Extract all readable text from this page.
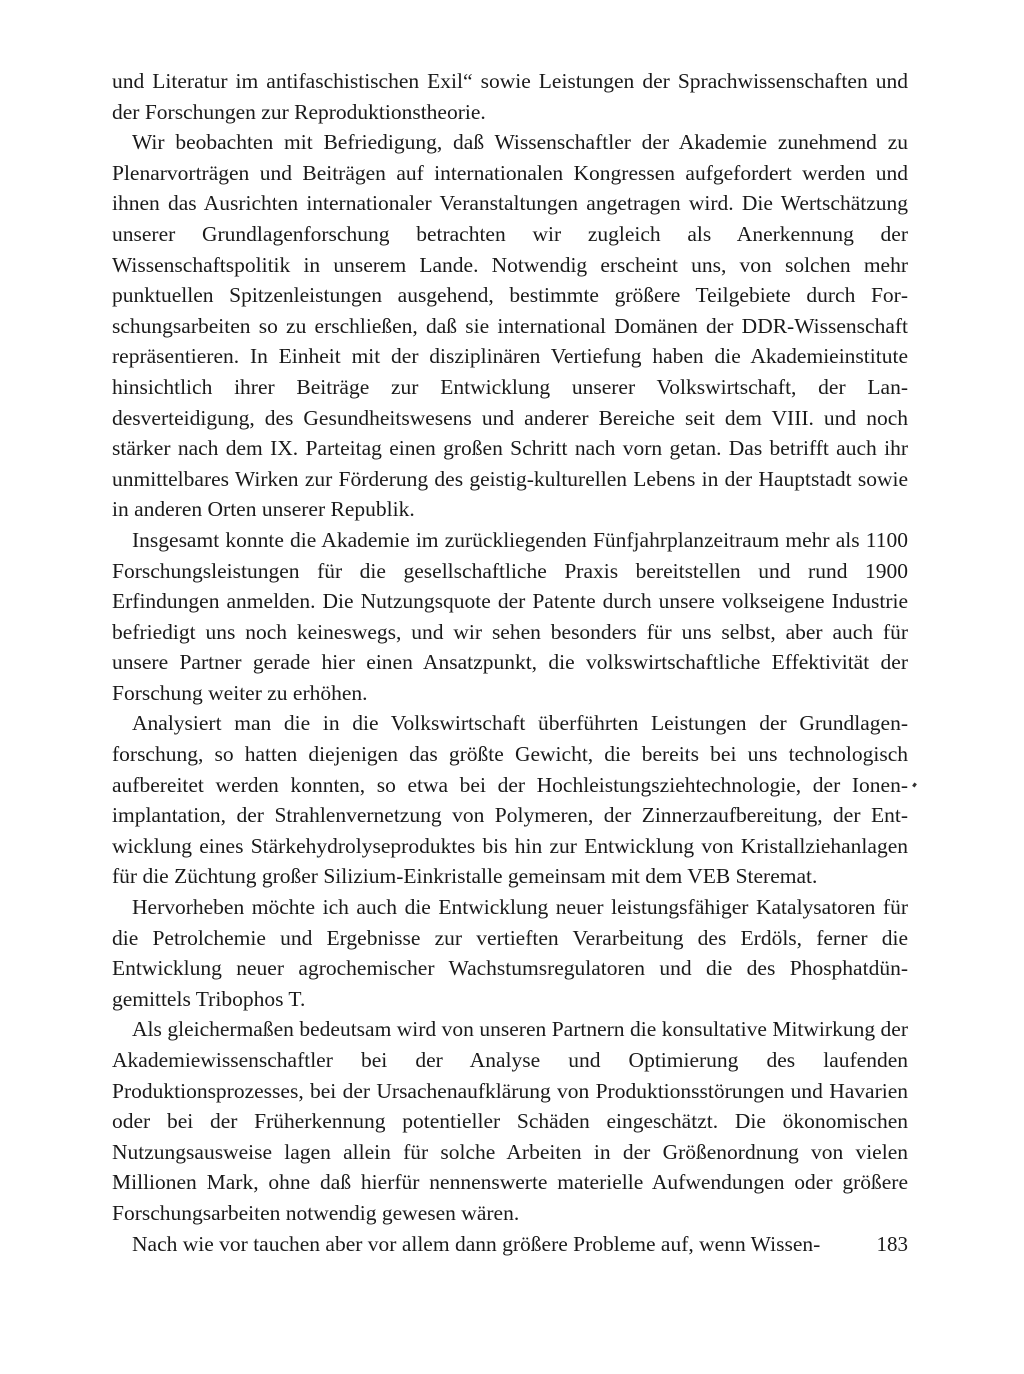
und Literatur im antifaschistischen Exil“ sowie Leistungen der Sprachwissenschaften und der Forschungen zur Reproduktionstheorie.

Wir beobachten mit Befriedigung, daß Wissenschaftler der Akademie zunehmend zu Plenarvorträgen und Beiträgen auf internationalen Kongressen aufgefordert werden und ihnen das Ausrichten internationaler Veranstaltungen angetragen wird. Die Wertschätzung unserer Grundlagenforschung betrachten wir zugleich als Anerkennung der Wissenschaftspolitik in unserem Lande. Notwendig erscheint uns, von solchen mehr punktuellen Spitzenleistungen ausgehend, bestimmte größere Teilgebiete durch Forschungsarbeiten so zu erschließen, daß sie international Domänen der DDR-Wissenschaft repräsentieren. In Einheit mit der disziplinären Vertiefung haben die Akademieinstitute hinsichtlich ihrer Beiträge zur Entwicklung unserer Volkswirtschaft, der Landesverteidigung, des Gesundheitswesens und anderer Bereiche seit dem VIII. und noch stärker nach dem IX. Parteitag einen großen Schritt nach vorn getan. Das betrifft auch ihr unmittelbares Wirken zur Förderung des geistig-kulturellen Lebens in der Hauptstadt sowie in anderen Orten unserer Republik.

Insgesamt konnte die Akademie im zurückliegenden Fünfjahrplanzeitraum mehr als 1100 Forschungsleistungen für die gesellschaftliche Praxis bereitstellen und rund 1900 Erfindungen anmelden. Die Nutzungsquote der Patente durch unsere volkseigene Industrie befriedigt uns noch keineswegs, und wir sehen besonders für uns selbst, aber auch für unsere Partner gerade hier einen Ansatzpunkt, die volkswirtschaftliche Effektivität der Forschung weiter zu erhöhen.

Analysiert man die in die Volkswirtschaft überführten Leistungen der Grundlagenforschung, so hatten diejenigen das größte Gewicht, die bereits bei uns technologisch aufbereitet werden konnten, so etwa bei der Hochleistungsziehtechnologie, der Ionenimplantation, der Strahlenvernetzung von Polymeren, der Zinnerzaufbereitung, der Entwicklung eines Stärkehydrolyseproduktes bis hin zur Entwicklung von Kristallziehanlagen für die Züchtung großer Silizium-Einkristalle gemeinsam mit dem VEB Steremat.

Hervorheben möchte ich auch die Entwicklung neuer leistungsfähiger Katalysatoren für die Petrolchemie und Ergebnisse zur vertieften Verarbeitung des Erdöls, ferner die Entwicklung neuer agrochemischer Wachstumsregulatoren und die des Phosphatdüngemittels Tribophos T.

Als gleichermaßen bedeutsam wird von unseren Partnern die konsultative Mitwirkung der Akademiewissenschaftler bei der Analyse und Optimierung des laufenden Produktionsprozesses, bei der Ursachenaufklärung von Produktionsstörungen und Havarien oder bei der Früherkennung potentieller Schäden eingeschätzt. Die ökonomischen Nutzungsausweise lagen allein für solche Arbeiten in der Größenordnung von vielen Millionen Mark, ohne daß hierfür nennenswerte materielle Aufwendungen oder größere Forschungsarbeiten notwendig gewesen wären.

Nach wie vor tauchen aber vor allem dann größere Probleme auf, wenn Wissen-	183
